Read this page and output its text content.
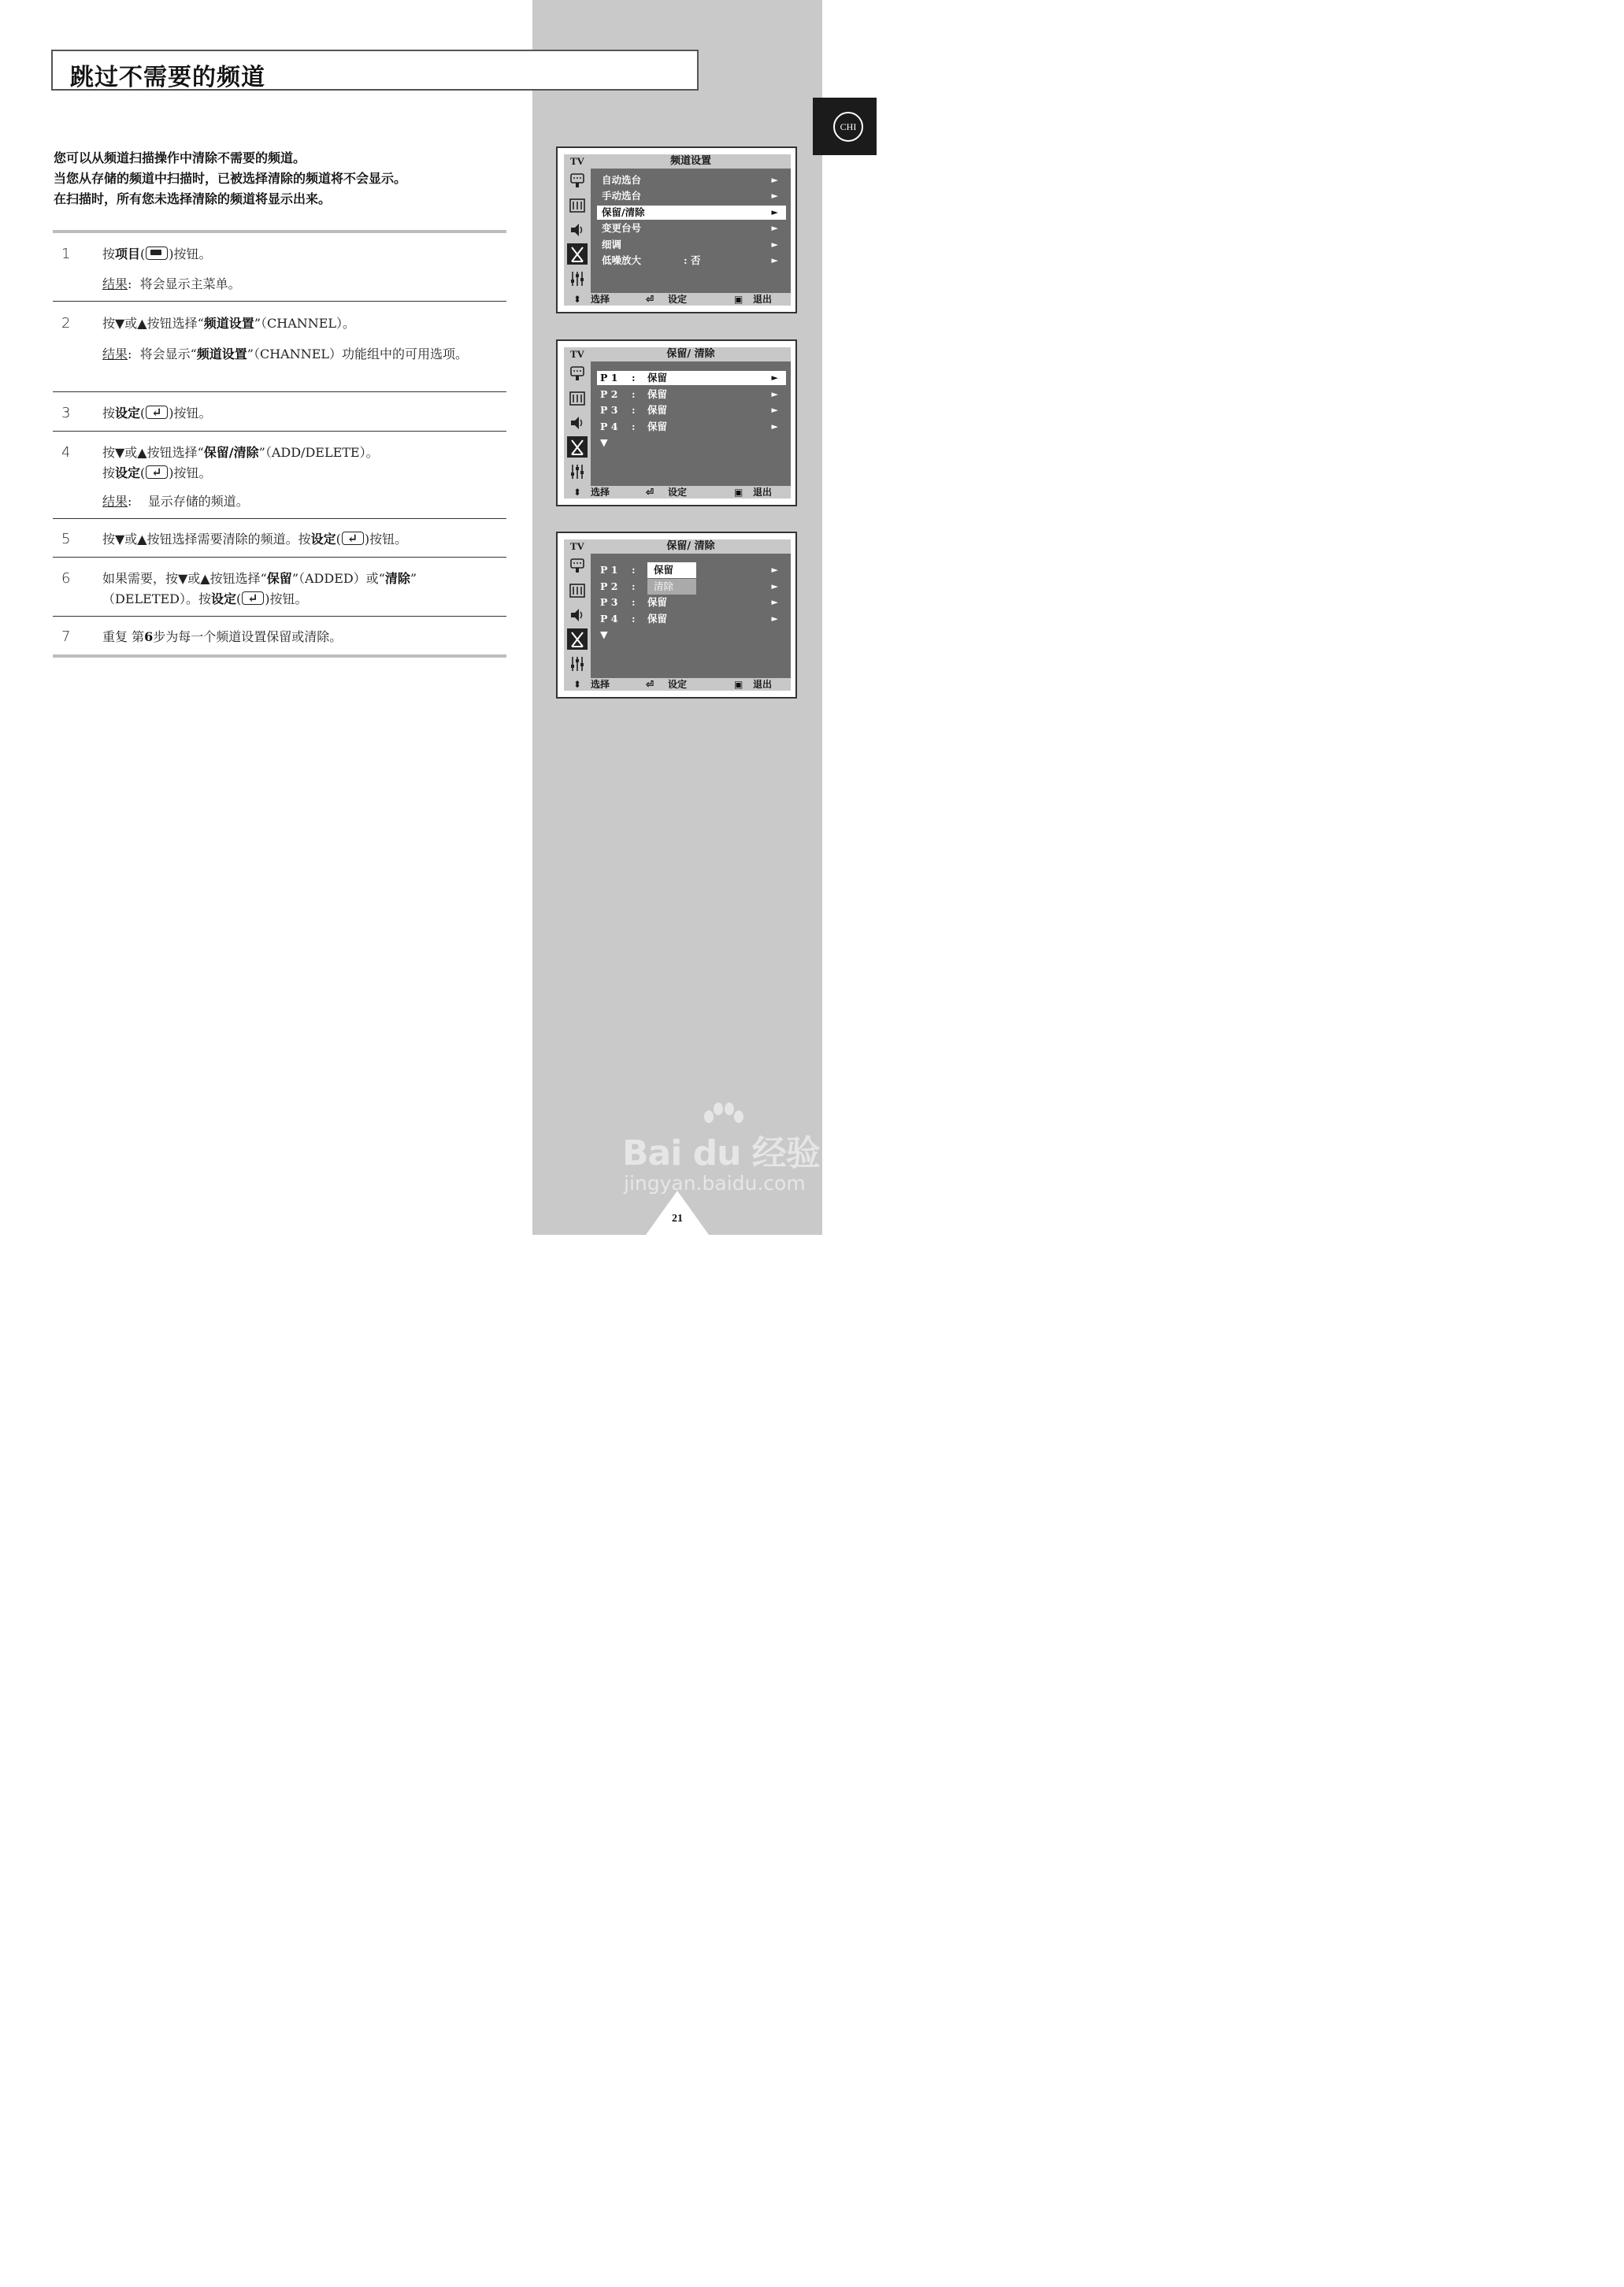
CHI
跳过不需要的频道
您可以从频道扫描操作中清除不需要的频道。
当您从存储的频道中扫描时，已被选择清除的频道将不会显示。
在扫描时，所有您未选择清除的频道将显示出来。
1	按项目( )按钮。
结果:  将会显示主菜单。
2	按▼或▲按钮选择“频道设置”（CHANNEL）。
结果:  将会显示“频道设置”（CHANNEL）功能组中的可用选项。
3	按设定( ↵ )按钮。
4	按▼或▲按钮选择“保留/清除”（ADD/DELETE）。
按设定( ↵ )按钮。
结果:    显示存储的频道。
5	按▼或▲按钮选择需要清除的频道。按设定( ↵ )按钮。
6	如果需要，按▼或▲按钮选择“保留”（ADDED）或“清除”
（DELETED）。按设定( ↵ )按钮。
7	重复 第6步为每一个频道设置保留或清除。
TV	频道设置
自动选台	►
手动选台	►
保留/清除	►
变更台号	►
细调	►
低噪放大	: 否	►
⬍ 选择	⏎ 设定	▣ 退出
TV	保留/ 清除
P 1 : 保留	►
P 2 : 保留	►
P 3 : 保留	►
P 4 : 保留	►
▼
⬍ 选择	⏎ 设定	▣ 退出
TV	保留/ 清除
P 1 :	►
P 2 :	►
P 3 : 保留	►
P 4 : 保留	►
▼
⬍ 选择	⏎ 设定	▣ 退出
保留
清除
Bai du 经验
jingyan.baidu.com
21
